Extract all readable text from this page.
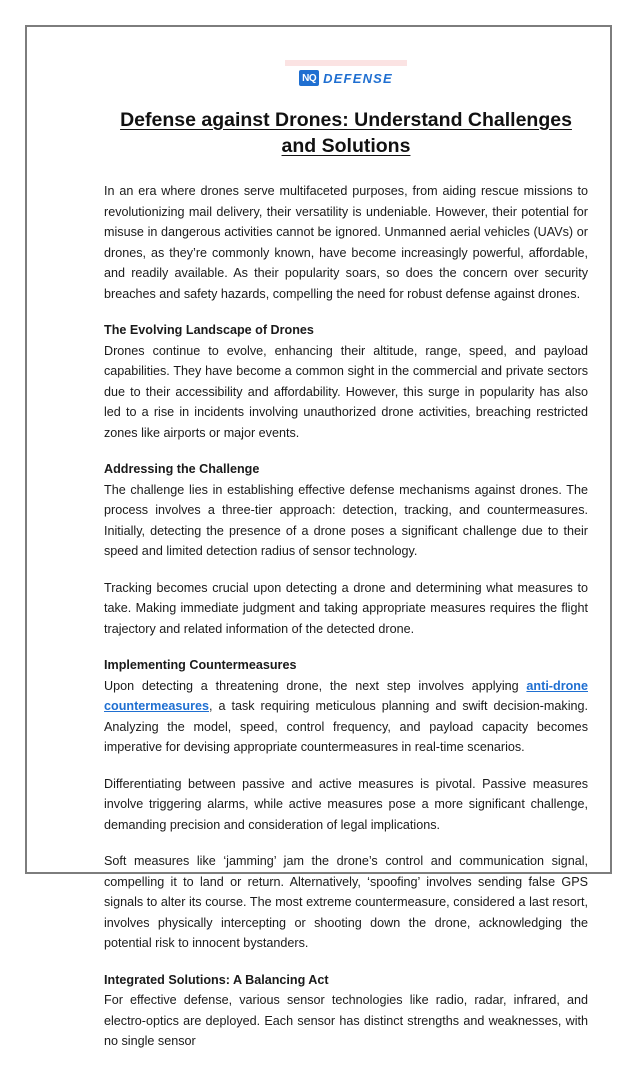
NQ DEFENSE
Defense against Drones: Understand Challenges and Solutions

In an era where drones serve multifaceted purposes, from aiding rescue missions to revolutionizing mail delivery, their versatility is undeniable. However, their potential for misuse in dangerous activities cannot be ignored. Unmanned aerial vehicles (UAVs) or drones, as they’re commonly known, have become increasingly powerful, affordable, and readily available. As their popularity soars, so does the concern over security breaches and safety hazards, compelling the need for robust defense against drones.

The Evolving Landscape of Drones
Drones continue to evolve, enhancing their altitude, range, speed, and payload capabilities. They have become a common sight in the commercial and private sectors due to their accessibility and affordability. However, this surge in popularity has also led to a rise in incidents involving unauthorized drone activities, breaching restricted zones like airports or major events.

Addressing the Challenge
The challenge lies in establishing effective defense mechanisms against drones. The process involves a three-tier approach: detection, tracking, and countermeasures. Initially, detecting the presence of a drone poses a significant challenge due to their speed and limited detection radius of sensor technology.

Tracking becomes crucial upon detecting a drone and determining what measures to take. Making immediate judgment and taking appropriate measures requires the flight trajectory and related information of the detected drone.

Implementing Countermeasures
Upon detecting a threatening drone, the next step involves applying anti-drone countermeasures, a task requiring meticulous planning and swift decision-making. Analyzing the model, speed, control frequency, and payload capacity becomes imperative for devising appropriate countermeasures in real-time scenarios.

Differentiating between passive and active measures is pivotal. Passive measures involve triggering alarms, while active measures pose a more significant challenge, demanding precision and consideration of legal implications.

Soft measures like ‘jamming’ jam the drone’s control and communication signal, compelling it to land or return. Alternatively, ‘spoofing’ involves sending false GPS signals to alter its course. The most extreme countermeasure, considered a last resort, involves physically intercepting or shooting down the drone, acknowledging the potential risk to innocent bystanders.

Integrated Solutions: A Balancing Act
For effective defense, various sensor technologies like radio, radar, infrared, and electro-optics are deployed. Each sensor has distinct strengths and weaknesses, with no single sensor
